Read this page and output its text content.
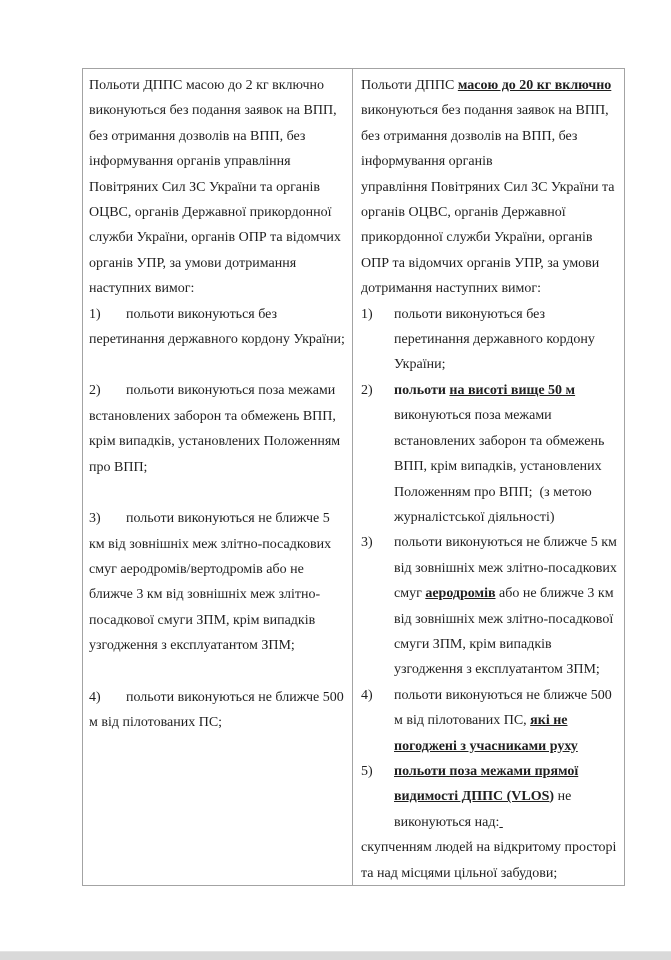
Польоти ДППС масою до 2 кг включно виконуються без подання заявок на ВПП, без отримання дозволів на ВПП, без інформування органів управління Повітряних Сил ЗС України та органів ОЦВС, органів Державної прикордонної служби України, органів ОПР та відомчих органів УПР, за умови дотримання наступних вимог:

1) польоти виконуються без перетинання державного кордону України;
2) польоти виконуються поза межами встановлених заборон та обмежень ВПП, крім випадків, установлених Положенням про ВПП;
3) польоти виконуються не ближче 5 км від зовнішніх меж злітно-посадкових смуг аеродромів/вертодромів або не ближче 3 км від зовнішніх меж злітно-посадкової смуги ЗПМ, крім випадків узгодження з експлуатантом ЗПМ;
4) польоти виконуються не ближче 500 м від пілотованих ПС;

Польоти ДППС масою до 20 кг включно виконуються без подання заявок на ВПП, без отримання дозволів на ВПП, без інформування органів
управління Повітряних Сил ЗС України та органів ОЦВС, органів Державної прикордонної служби України, органів ОПР та відомчих органів УПР, за умови дотримання наступних вимог:

1) польоти виконуються без перетинання державного кордону України;
2) польоти на висоті вище 50 м виконуються поза межами встановлених заборон та обмежень ВПП, крім випадків, установлених Положенням про ВПП;  (з метою журналістської діяльності)
3) польоти виконуються не ближче 5 км від зовнішніх меж злітно-посадкових смуг аеродромів або не ближче 3 км від зовнішніх меж злітно-посадкової смуги ЗПМ, крім випадків узгодження з експлуатантом ЗПМ;
4) польоти виконуються не ближче 500 м від пілотованих ПС, які не погоджені з учасниками руху
5) польоти поза межами прямої видимості ДППС (VLOS) не виконуються над:

скупченням людей на відкритому просторі та над місцями цільної забудови;
